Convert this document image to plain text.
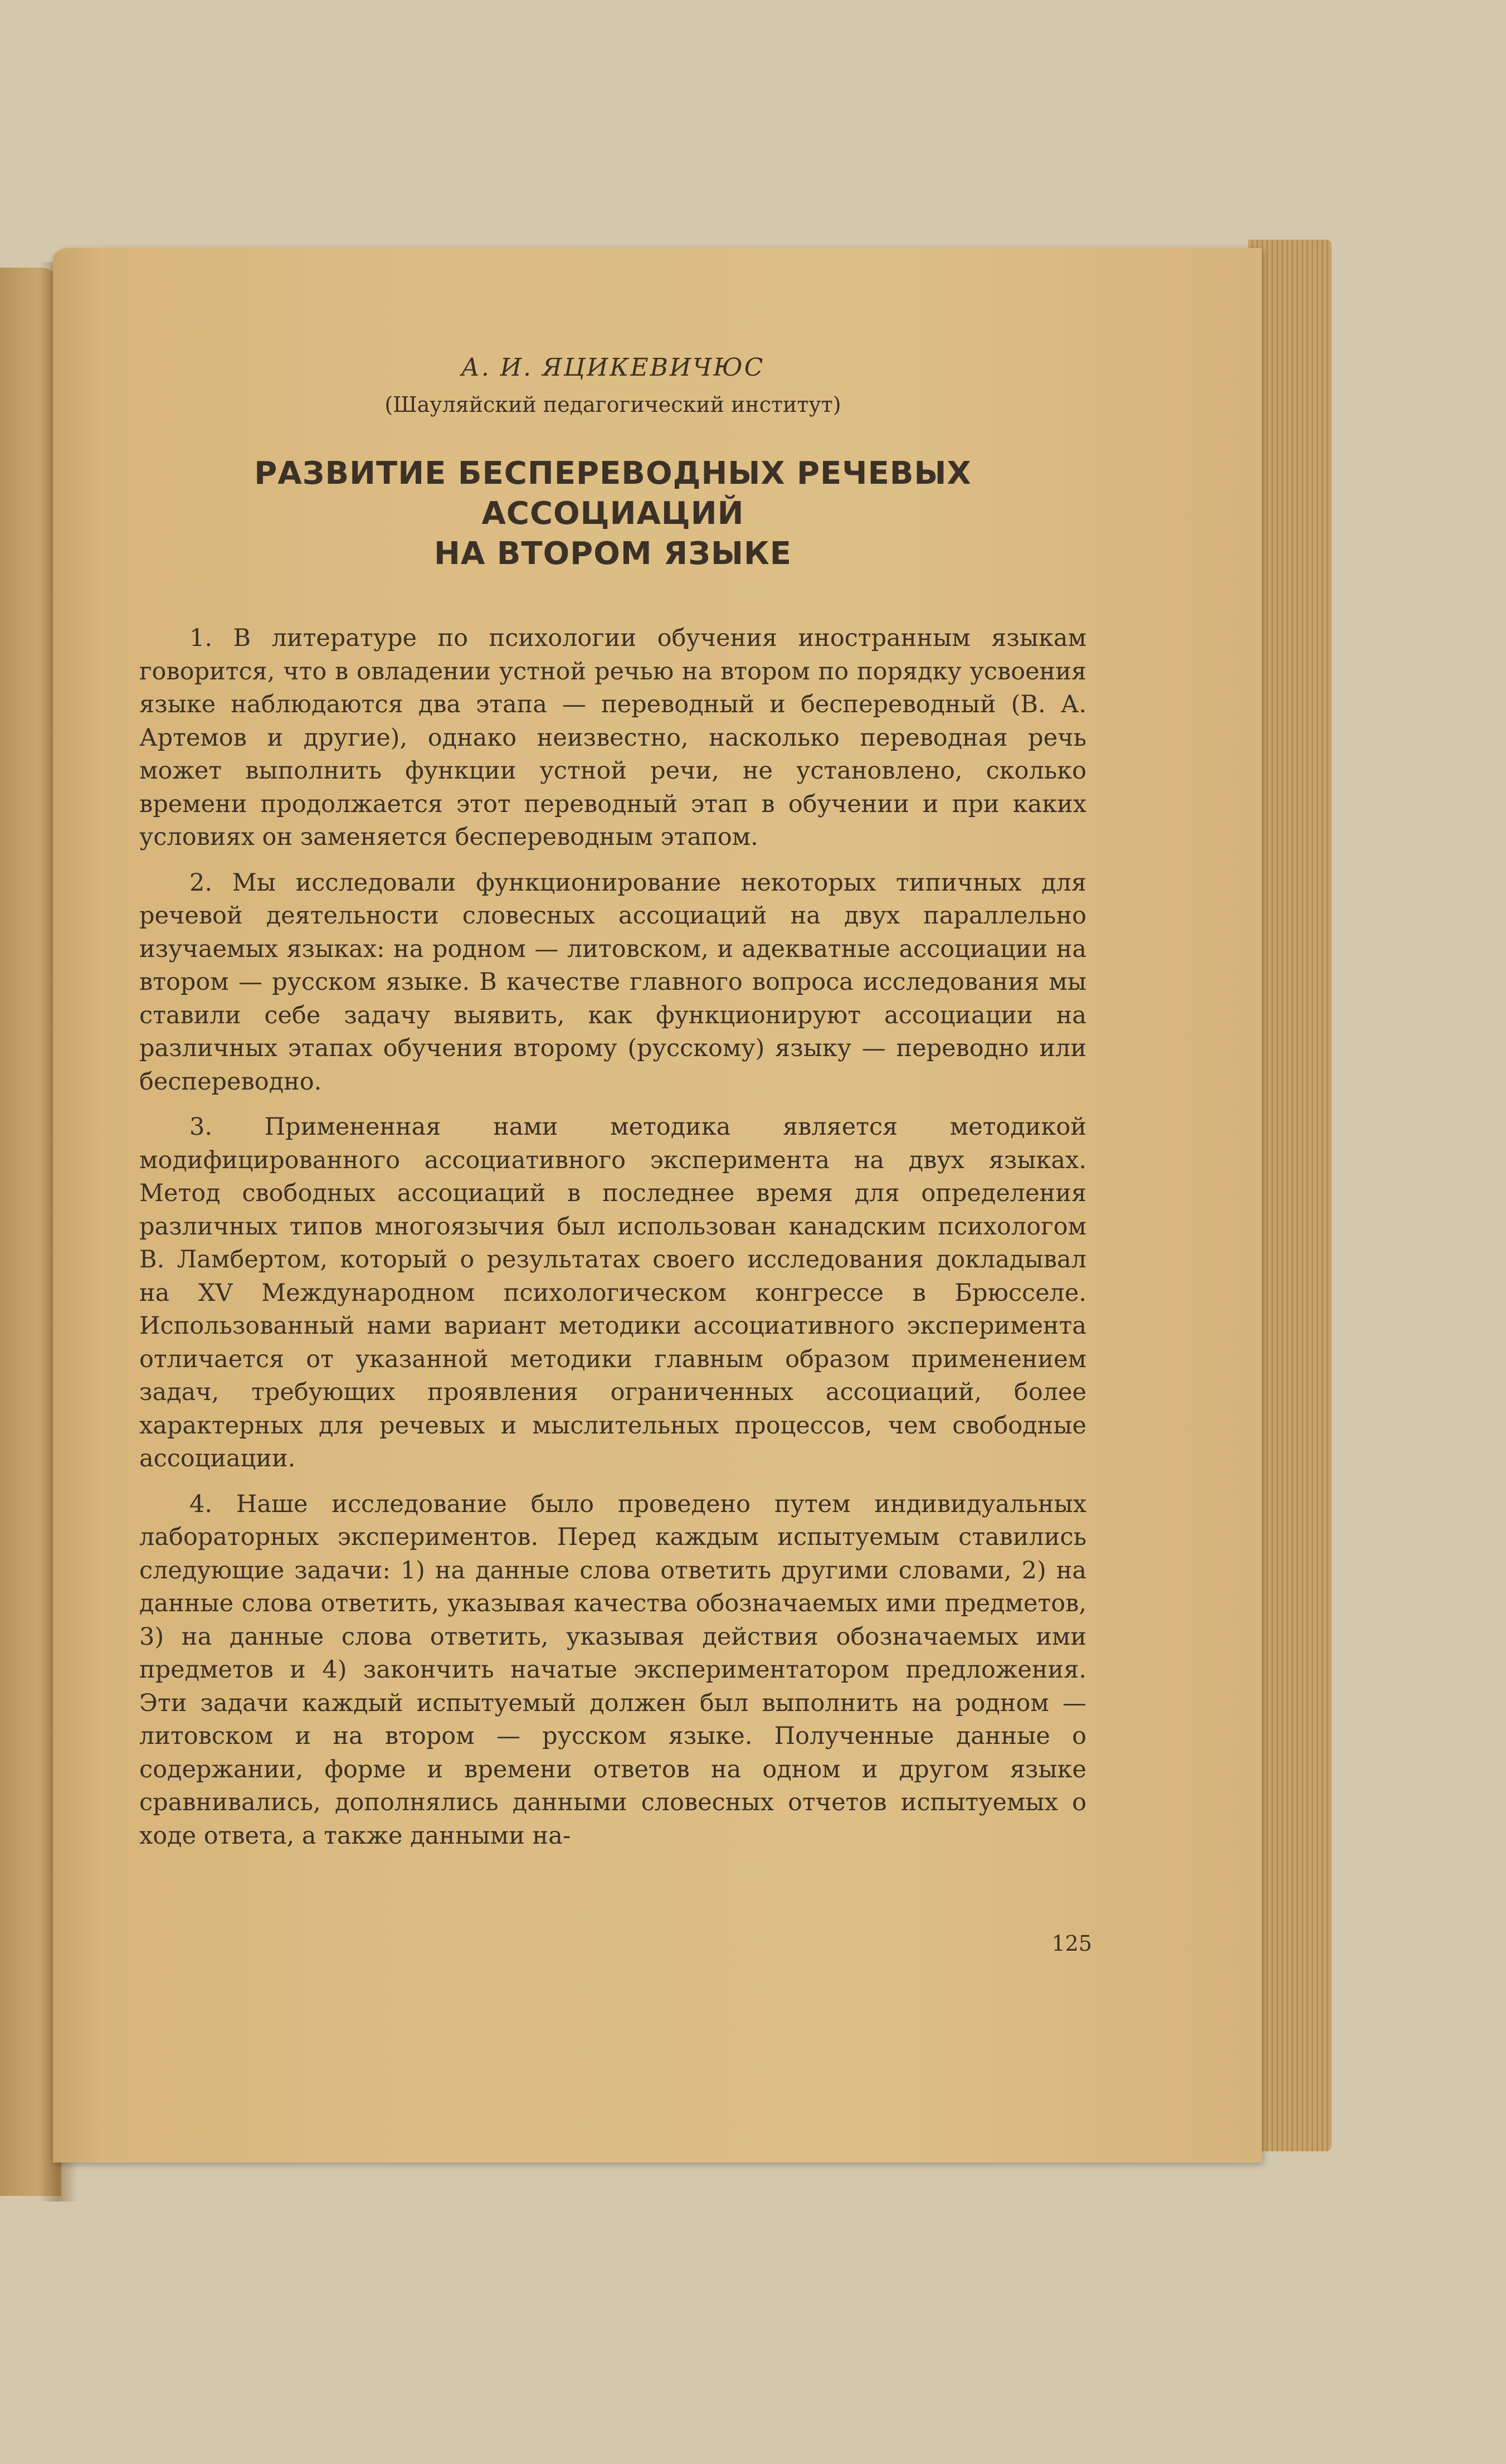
А. И. ЯЦИКЕВИЧЮС

(Шауляйский педагогический институт)

РАЗВИТИЕ БЕСПЕРЕВОДНЫХ РЕЧЕВЫХ АССОЦИАЦИЙ
НА ВТОРОМ ЯЗЫКЕ

1. В литературе по психологии обучения иностранным языкам говорится, что в овладении устной речью на втором по порядку усвоения языке наблюдаются два этапа — переводный и беспереводный (В. А. Артемов и другие), однако неизвестно, насколько переводная речь может выполнить функции устной речи, не установлено, сколько времени продолжается этот переводный этап в обучении и при каких условиях он заменяется беспереводным этапом.

2. Мы исследовали функционирование некоторых типичных для речевой деятельности словесных ассоциаций на двух параллельно изучаемых языках: на родном — литовском, и адекватные ассоциации на втором — русском языке. В качестве главного вопроса исследования мы ставили себе задачу выявить, как функционируют ассоциации на различных этапах обучения второму (русскому) языку — переводно или беспереводно.

3. Примененная нами методика является методикой модифицированного ассоциативного эксперимента на двух языках. Метод свободных ассоциаций в последнее время для определения различных типов многоязычия был использован канадским психологом В. Ламбертом, который о результатах своего исследования докладывал на XV Международном психологическом конгрессе в Брюсселе. Использованный нами вариант методики ассоциативного эксперимента отличается от указанной методики главным образом применением задач, требующих проявления ограниченных ассоциаций, более характерных для речевых и мыслительных процессов, чем свободные ассоциации.

4. Наше исследование было проведено путем индивидуальных лабораторных экспериментов. Перед каждым испытуемым ставились следующие задачи: 1) на данные слова ответить другими словами, 2) на данные слова ответить, указывая качества обозначаемых ими предметов, 3) на данные слова ответить, указывая действия обозначаемых ими предметов и 4) закончить начатые экспериментатором предложения. Эти задачи каждый испытуемый должен был выполнить на родном — литовском и на втором — русском языке. Полученные данные о содержании, форме и времени ответов на одном и другом языке сравнивались, дополнялись данными словесных отчетов испытуемых о ходе ответа, а также данными на-

125
